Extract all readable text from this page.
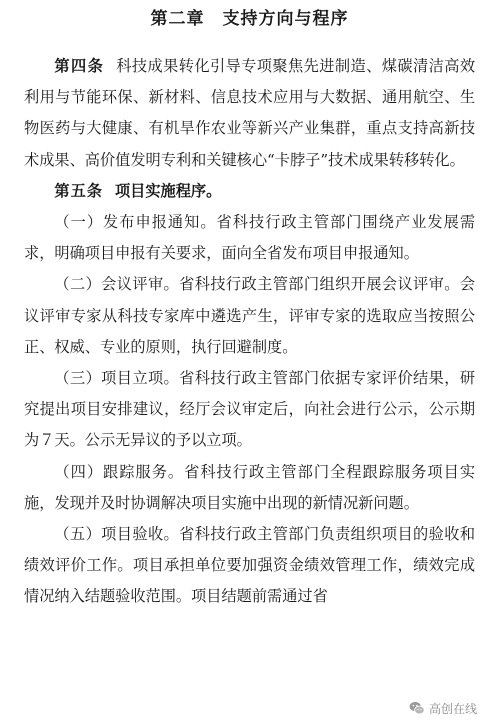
第二章　支持方向与程序

第四条 科技成果转化引导专项聚焦先进制造、煤碳清洁高效利用与节能环保、新材料、信息技术应用与大数据、通用航空、生物医药与大健康、有机旱作农业等新兴产业集群，重点支持高新技术成果、高价值发明专利和关键核心“卡脖子”技术成果转移转化。

第五条 项目实施程序。

（一）发布申报通知。省科技行政主管部门围绕产业发展需求，明确项目申报有关要求，面向全省发布项目申报通知。

（二）会议评审。省科技行政主管部门组织开展会议评审。会议评审专家从科技专家库中遴选产生，评审专家的选取应当按照公正、权威、专业的原则，执行回避制度。

（三）项目立项。省科技行政主管部门依据专家评价结果，研究提出项目安排建议，经厅会议审定后，向社会进行公示，公示期为７天。公示无异议的予以立项。

（四）跟踪服务。省科技行政主管部门全程跟踪服务项目实施，发现并及时协调解决项目实施中出现的新情况新问题。

（五）项目验收。省科技行政主管部门负责组织项目的验收和绩效评价工作。项目承担单位要加强资金绩效管理工作，绩效完成情况纳入结题验收范围。项目结题前需通过省

高创在线
